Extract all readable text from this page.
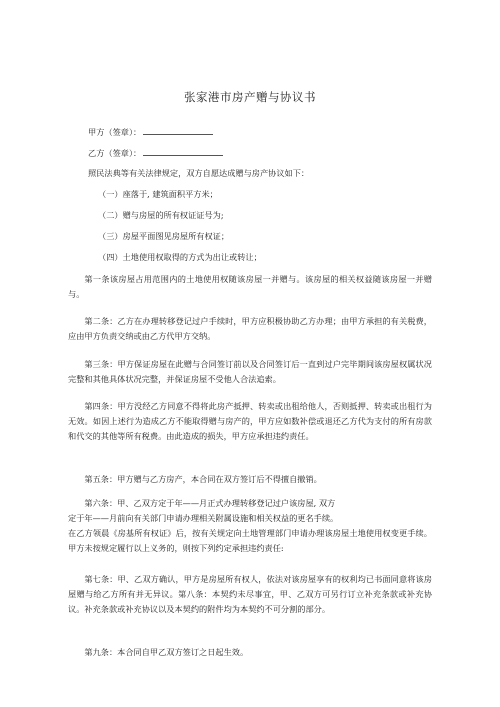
张家港市房产赠与协议书
甲方（签章）：
乙方（签章）：
照民法典等有关法律规定，双方自愿达成赠与房产协议如下：
（一）座落于, 建筑面积平方米；
（二）赠与房屋的所有权证证号为;
（三）房屋平面图见房屋所有权证；
（四）土地使用权取得的方式为出让或转让；
第一条该房屋占用范围内的土地使用权随该房屋一并赠与。该房屋的相关权益随该房屋一并赠与。
第二条：乙方在办理转移登记过户手续时，甲方应积极协助乙方办理；由甲方承担的有关税费，应由甲方负责交纳或由乙方代甲方交纳。
第三条：甲方保证房屋在此赠与合同签订前以及合同签订后一直到过户完毕期间该房屋权属状况完整和其他具体状况完整，并保证房屋不受他人合法追索。
第四条：甲方没经乙方同意不得将此房产抵押、转卖或出租给他人，否则抵押、转卖或出租行为无效。如因上述行为造成乙方不能取得赠与房产的，甲方应如数补偿或退还乙方代为支付的所有房款和代交的其他等所有税费。由此造成的损失，甲方应承担违约责任。
第五条：甲方赠与乙方房产，本合同在双方签订后不得擅自撤销。
第六条：甲、乙双方定于年——月正式办理转移登记过户该房屋, 双方
定于年——月前向有关部门申请办理相关附属设施和相关权益的更名手续。
在乙方领晨《房基所有权证》后，按有关规定向土地管理部门申请办理该房屋土地使用权变更手续。甲方未按规定履行以上义务的，则按下列约定承担违约责任:
第七条：甲、乙双方确认，甲方是房屋所有权人，依法对该房屋享有的权利均已书面同意将该房屋赠与给乙方所有并无异议。第八条：本契约未尽事宜，甲、乙双方可另行订立补充条款或补充协议。补充条款或补充协议以及本契约的附件均为本契约不可分割的部分。
第九条：本合同自甲乙双方签订之日起生效。
